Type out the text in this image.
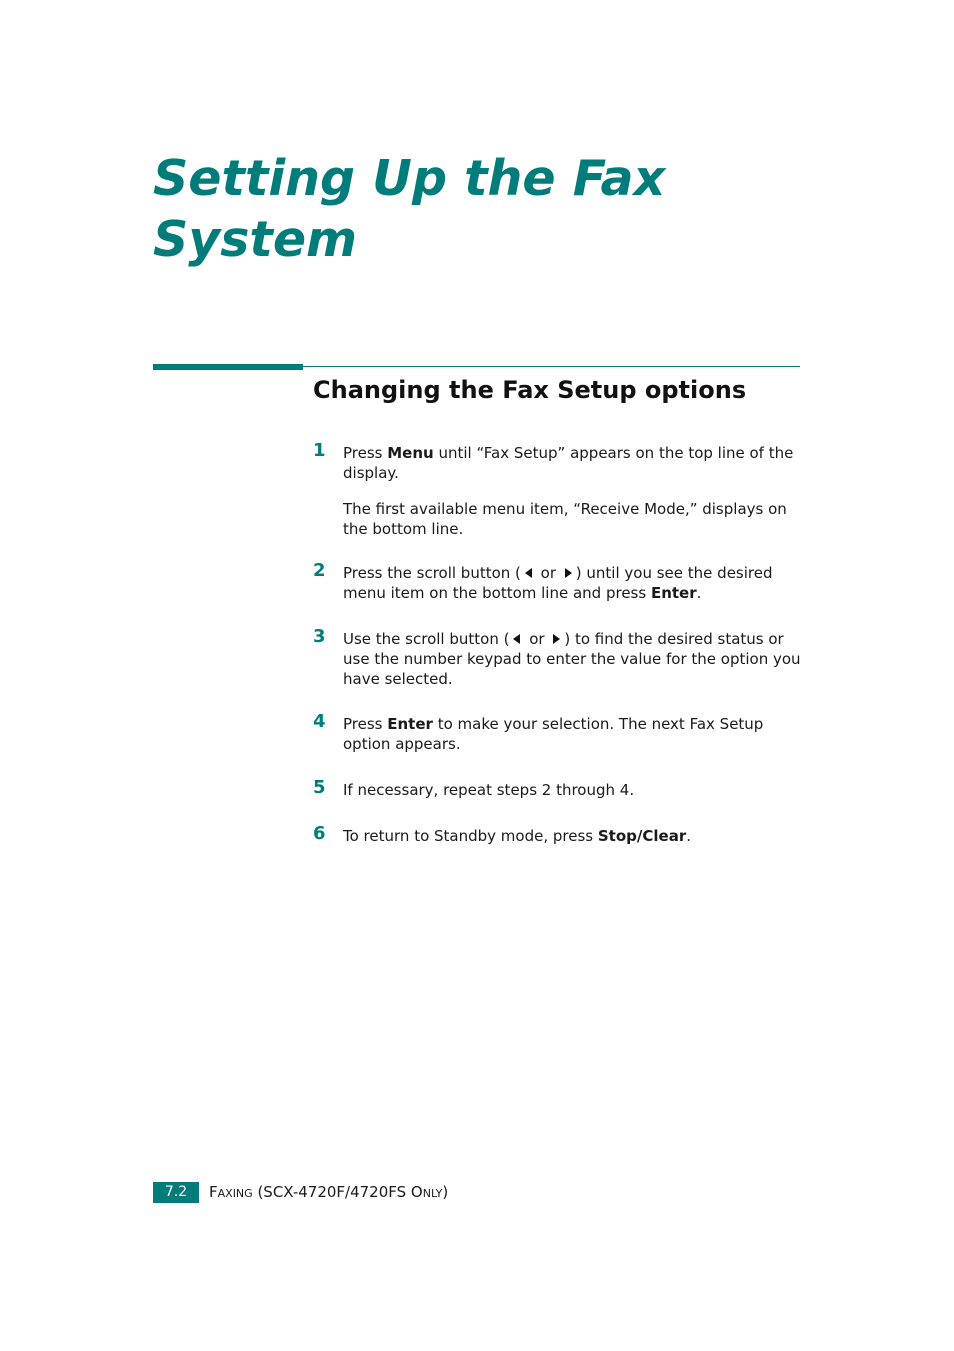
Setting Up the Fax System
Changing the Fax Setup options
1	Press Menu until “Fax Setup” appears on the top line of the display.

The first available menu item, “Receive Mode,” displays on the bottom line.

2	Press the scroll button ( or ) until you see the desired menu item on the bottom line and press Enter.

3	Use the scroll button ( or ) to find the desired status or use the number keypad to enter the value for the option you have selected.

4	Press Enter to make your selection. The next Fax Setup option appears.

5	If necessary, repeat steps 2 through 4.

6	To return to Standby mode, press Stop/Clear.

7.2	Faxing (SCX-4720F/4720FS Only)
